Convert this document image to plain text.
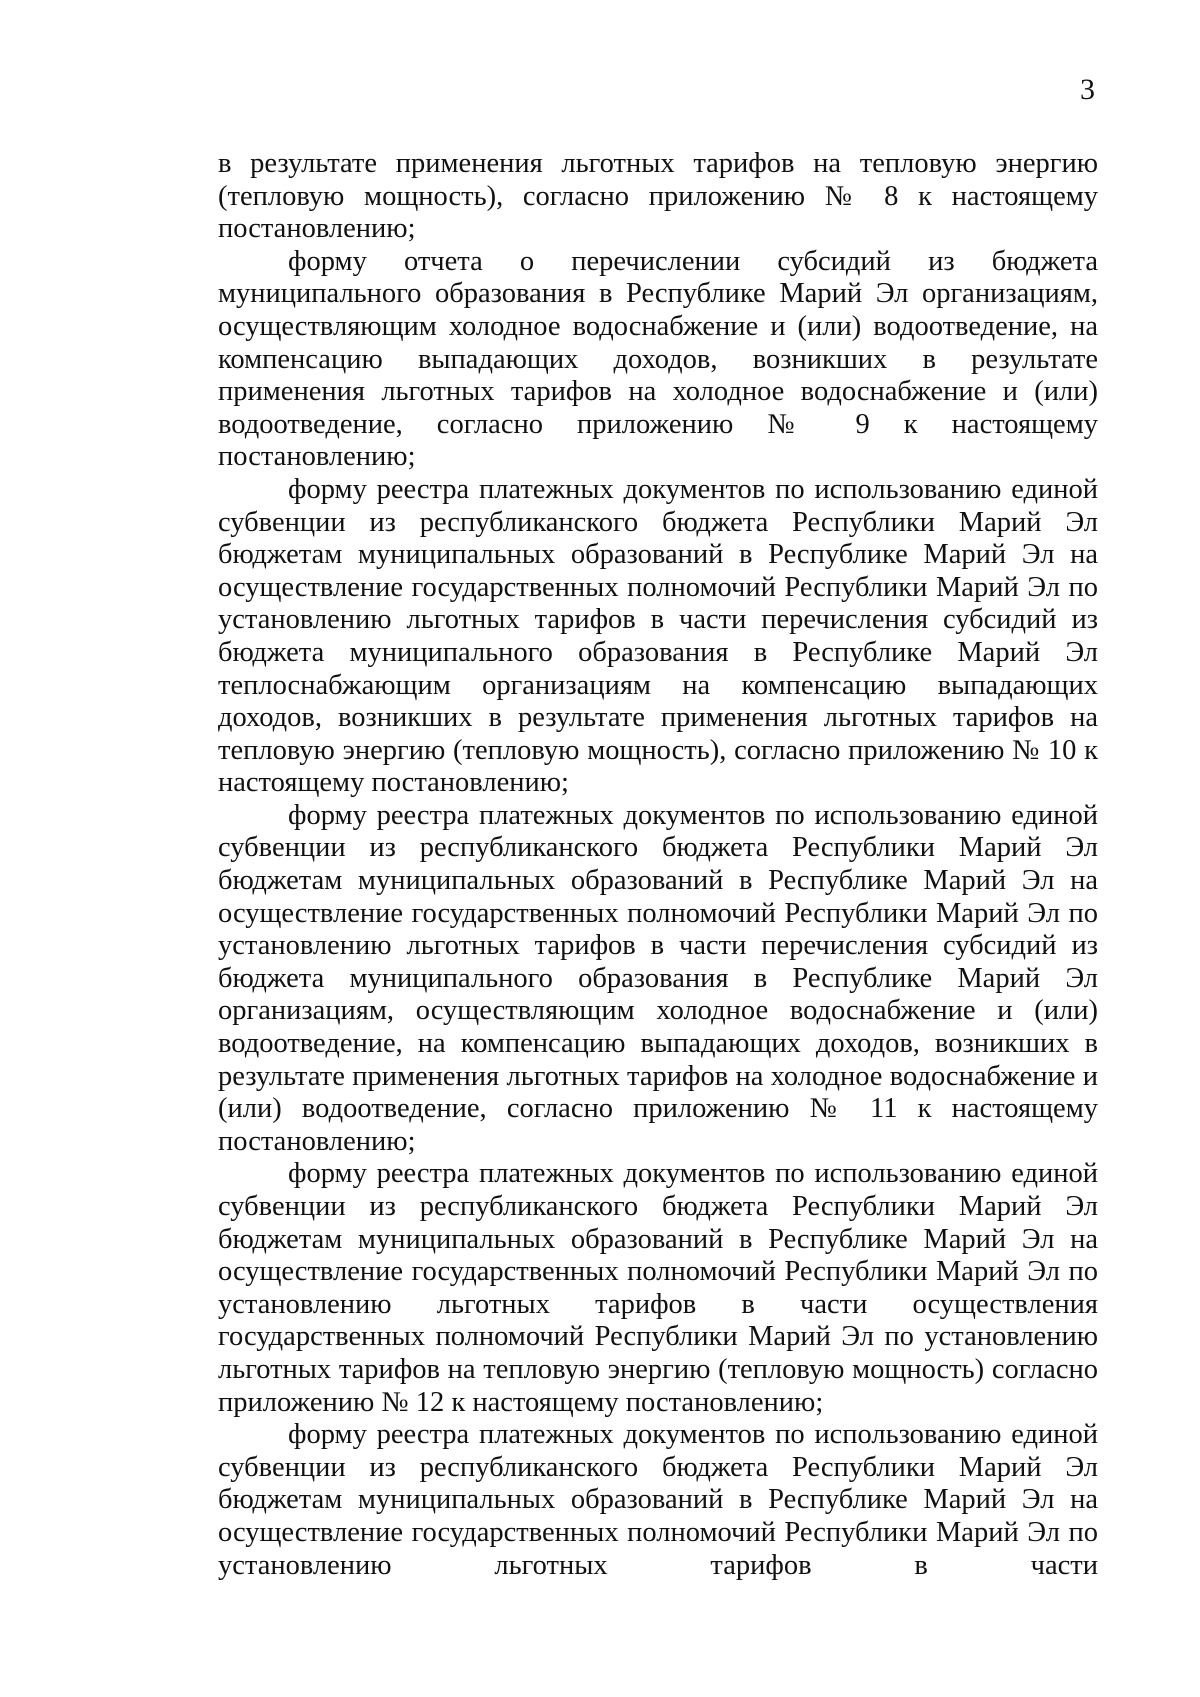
3

в результате применения льготных тарифов на тепловую энергию (тепловую мощность), согласно приложению № 8 к настоящему постановлению;

форму отчета о перечислении субсидий из бюджета муниципального образования в Республике Марий Эл организациям, осуществляющим холодное водоснабжение и (или) водоотведение, на компенсацию выпадающих доходов, возникших в результате применения льготных тарифов на холодное водоснабжение и (или) водоотведение, согласно приложению № 9 к настоящему постановлению;

форму реестра платежных документов по использованию единой субвенции из республиканского бюджета Республики Марий Эл бюджетам муниципальных образований в Республике Марий Эл на осуществление государственных полномочий Республики Марий Эл по установлению льготных тарифов в части перечисления субсидий из бюджета муниципального образования в Республике Марий Эл теплоснабжающим организациям на компенсацию выпадающих доходов, возникших в результате применения льготных тарифов на тепловую энергию (тепловую мощность), согласно приложению № 10 к настоящему постановлению;

форму реестра платежных документов по использованию единой субвенции из республиканского бюджета Республики Марий Эл бюджетам муниципальных образований в Республике Марий Эл на осуществление государственных полномочий Республики Марий Эл по установлению льготных тарифов в части перечисления субсидий из бюджета муниципального образования в Республике Марий Эл организациям, осуществляющим холодное водоснабжение и (или) водоотведение, на компенсацию выпадающих доходов, возникших в результате применения льготных тарифов на холодное водоснабжение и (или) водоотведение, согласно приложению № 11 к настоящему постановлению;

форму реестра платежных документов по использованию единой субвенции из республиканского бюджета Республики Марий Эл бюджетам муниципальных образований в Республике Марий Эл на осуществление государственных полномочий Республики Марий Эл по установлению льготных тарифов в части осуществления государственных полномочий Республики Марий Эл по установлению льготных тарифов на тепловую энергию (тепловую мощность) согласно приложению № 12 к настоящему постановлению;

форму реестра платежных документов по использованию единой субвенции из республиканского бюджета Республики Марий Эл бюджетам муниципальных образований в Республике Марий Эл на осуществление государственных полномочий Республики Марий Эл по установлению льготных тарифов в части
